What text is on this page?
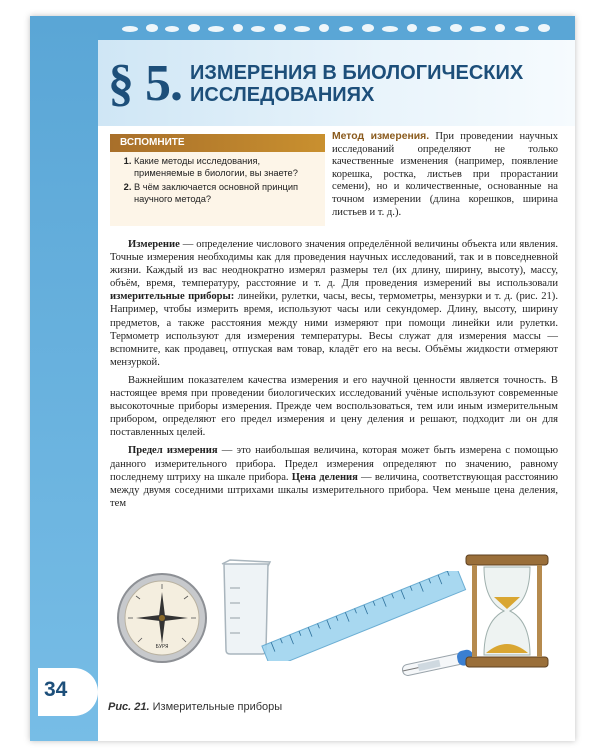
§ 5. ИЗМЕРЕНИЯ В БИОЛОГИЧЕСКИХ
ИССЛЕДОВАНИЯХ
ВСПОМНИТЕ
1. Какие методы исследования, применяемые в биологии, вы знаете?
2. В чём заключается основной принцип научного метода?
Метод измерения. При проведении научных исследований определяют не только качественные изменения (например, появление корешка, ростка, листьев при прорастании семени), но и количественные, основанные на точном измерении (длина корешков, ширина листьев и т. д.).

Измерение — определение числового значения определённой величины объекта или явления. Точные измерения необходимы как для проведения научных исследований, так и в повседневной жизни. Каждый из вас неоднократно измерял размеры тел (их длину, ширину, высоту), массу, объём, время, температуру, расстояние и т. д. Для проведения измерений вы использовали измерительные приборы: линейки, рулетки, часы, весы, термометры, мензурки и т. д. (рис. 21). Например, чтобы измерить время, используют часы или секундомер. Длину, высоту, ширину предметов, а также расстояния между ними измеряют при помощи линейки или рулетки. Термометр используют для измерения температуры. Весы служат для измерения массы — вспомните, как продавец, отпуская вам товар, кладёт его на весы. Объёмы жидкости отмеряют мензуркой.

Важнейшим показателем качества измерения и его научной ценности является точность. В настоящее время при проведении биологических исследований учёные используют современные высокоточные приборы измерения. Прежде чем воспользоваться, тем или иным измерительным прибором, определяют его предел измерения и цену деления и решают, подходит ли он для поставленных целей.

Предел измерения — это наибольшая величина, которая может быть измерена с помощью данного измерительного прибора. Предел измерения определяют по значению, равному последнему штриху на шкале прибора. Цена деления — величина, соответствующая расстоянию между двумя соседними штрихами шкалы измерительного прибора. Чем меньше цена деления, тем

БУРЯ
34
Рис. 21. Измерительные приборы
